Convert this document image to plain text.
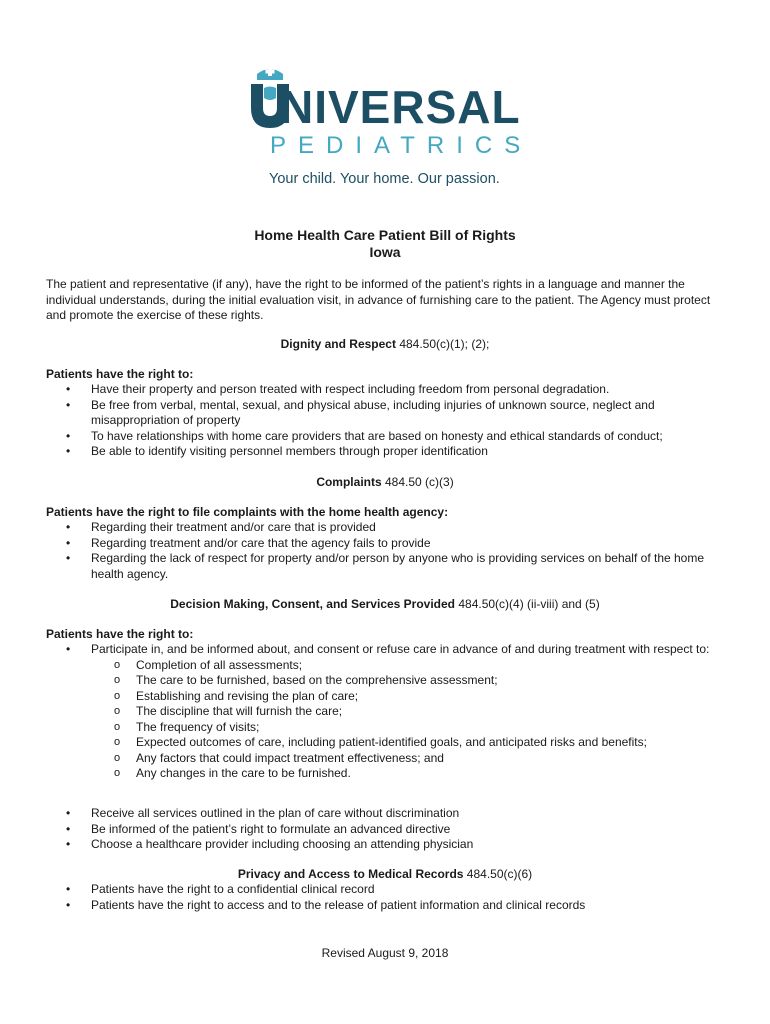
NIVERSAL
PEDIATRICS
Your child. Your home. Our passion.
Home Health Care Patient Bill of Rights
Iowa
The patient and representative (if any), have the right to be informed of the patient’s rights in a language and manner the individual understands, during the initial evaluation visit, in advance of furnishing care to the patient. The Agency must protect and promote the exercise of these rights.
Dignity and Respect 484.50(c)(1); (2);
Patients have the right to:
• Have their property and person treated with respect including freedom from personal degradation.
• Be free from verbal, mental, sexual, and physical abuse, including injuries of unknown source, neglect and misappropriation of property
• To have relationships with home care providers that are based on honesty and ethical standards of conduct;
• Be able to identify visiting personnel members through proper identification
Complaints 484.50 (c)(3)
Patients have the right to file complaints with the home health agency:
• Regarding their treatment and/or care that is provided
• Regarding treatment and/or care that the agency fails to provide
• Regarding the lack of respect for property and/or person by anyone who is providing services on behalf of the home health agency.
Decision Making, Consent, and Services Provided 484.50(c)(4) (ii-viii) and (5)
Patients have the right to:
• Participate in, and be informed about, and consent or refuse care in advance of and during treatment with respect to:
o Completion of all assessments;
o The care to be furnished, based on the comprehensive assessment;
o Establishing and revising the plan of care;
o The discipline that will furnish the care;
o The frequency of visits;
o Expected outcomes of care, including patient-identified goals, and anticipated risks and benefits;
o Any factors that could impact treatment effectiveness; and
o Any changes in the care to be furnished.
• Receive all services outlined in the plan of care without discrimination
• Be informed of the patient’s right to formulate an advanced directive
• Choose a healthcare provider including choosing an attending physician
Privacy and Access to Medical Records 484.50(c)(6)
• Patients have the right to a confidential clinical record
• Patients have the right to access and to the release of patient information and clinical records
Revised August 9, 2018
